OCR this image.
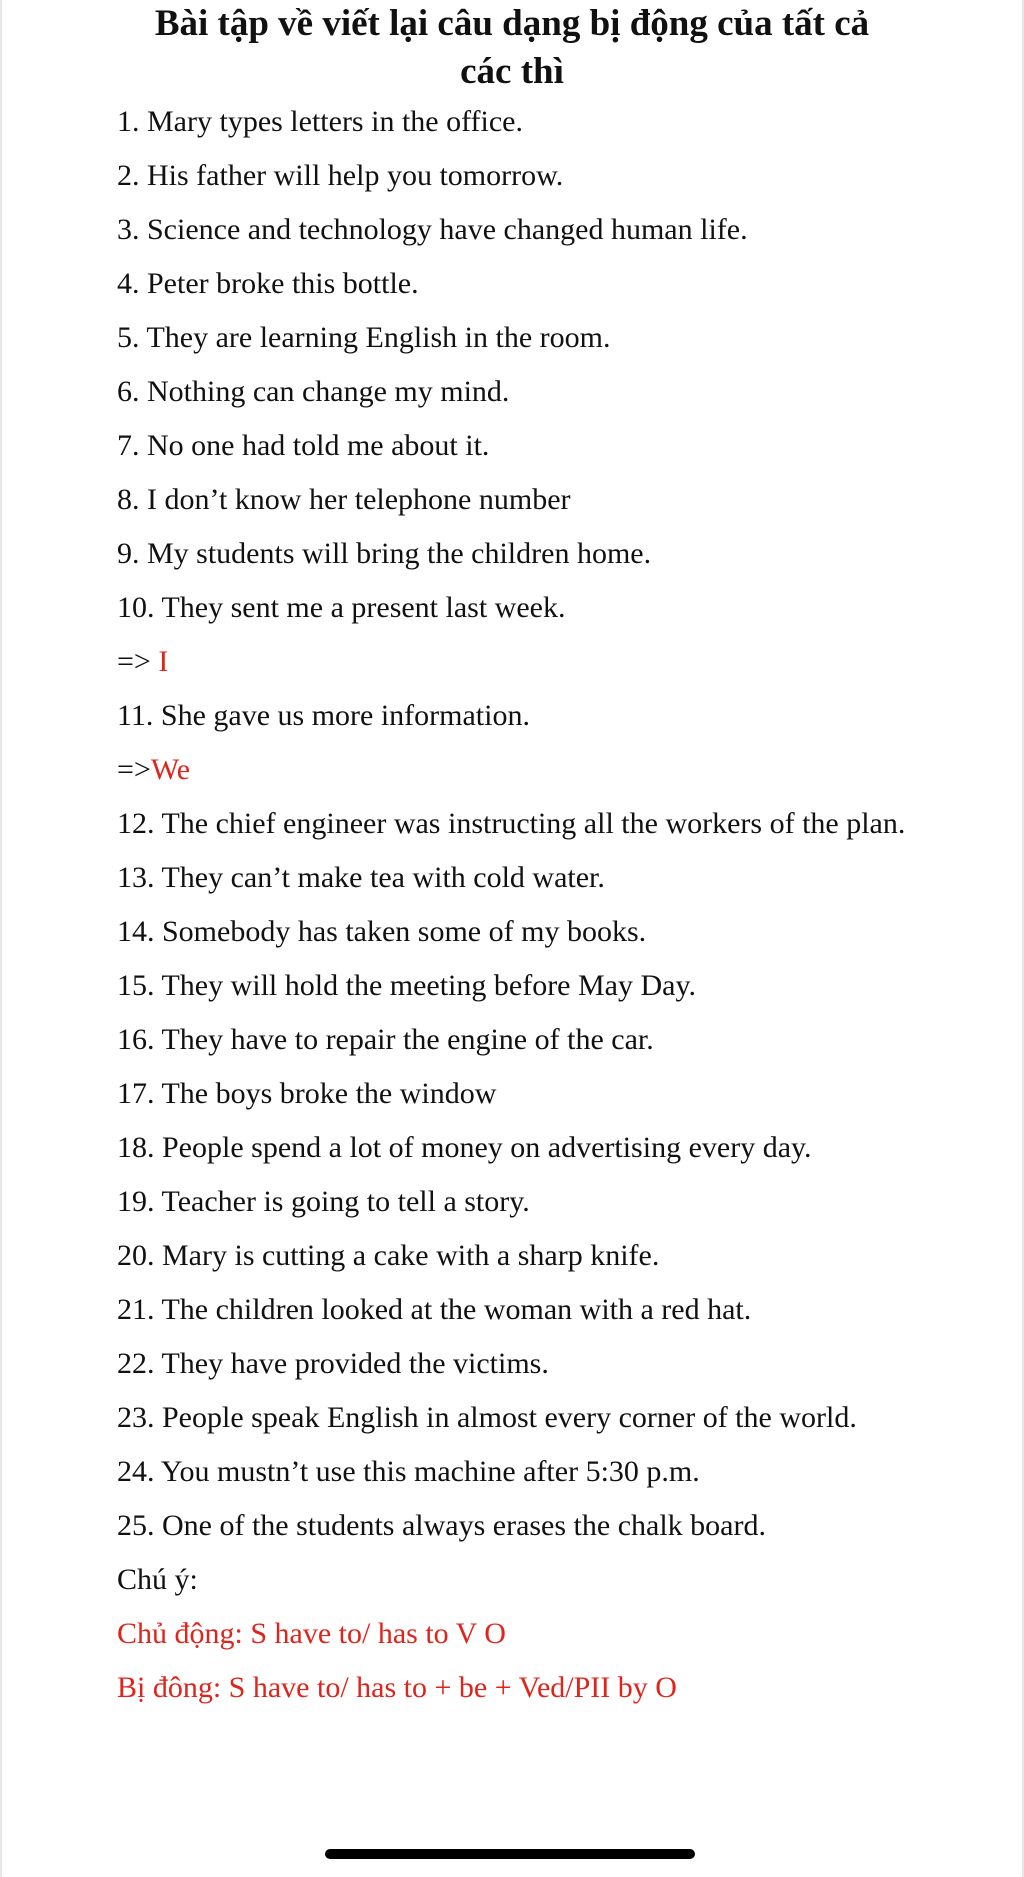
Bài tập về viết lại câu dạng bị động của tất cả
các thì
1. Mary types letters in the office.
2. His father will help you tomorrow.
3. Science and technology have changed human life.
4. Peter broke this bottle.
5. They are learning English in the room.
6. Nothing can change my mind.
7. No one had told me about it.
8. I don’t know her telephone number
9. My students will bring the children home.
10. They sent me a present last week.
=> I
11. She gave us more information.
=>We
12. The chief engineer was instructing all the workers of the plan.
13. They can’t make tea with cold water.
14. Somebody has taken some of my books.
15. They will hold the meeting before May Day.
16. They have to repair the engine of the car.
17. The boys broke the window
18. People spend a lot of money on advertising every day.
19. Teacher is going to tell a story.
20. Mary is cutting a cake with a sharp knife.
21. The children looked at the woman with a red hat.
22. They have provided the victims.
23. People speak English in almost every corner of the world.
24. You mustn’t use this machine after 5:30 p.m.
25. One of the students always erases the chalk board.
Chú ý:
Chủ động: S have to/ has to V O
Bị đông: S have to/ has to + be + Ved/PII by O
